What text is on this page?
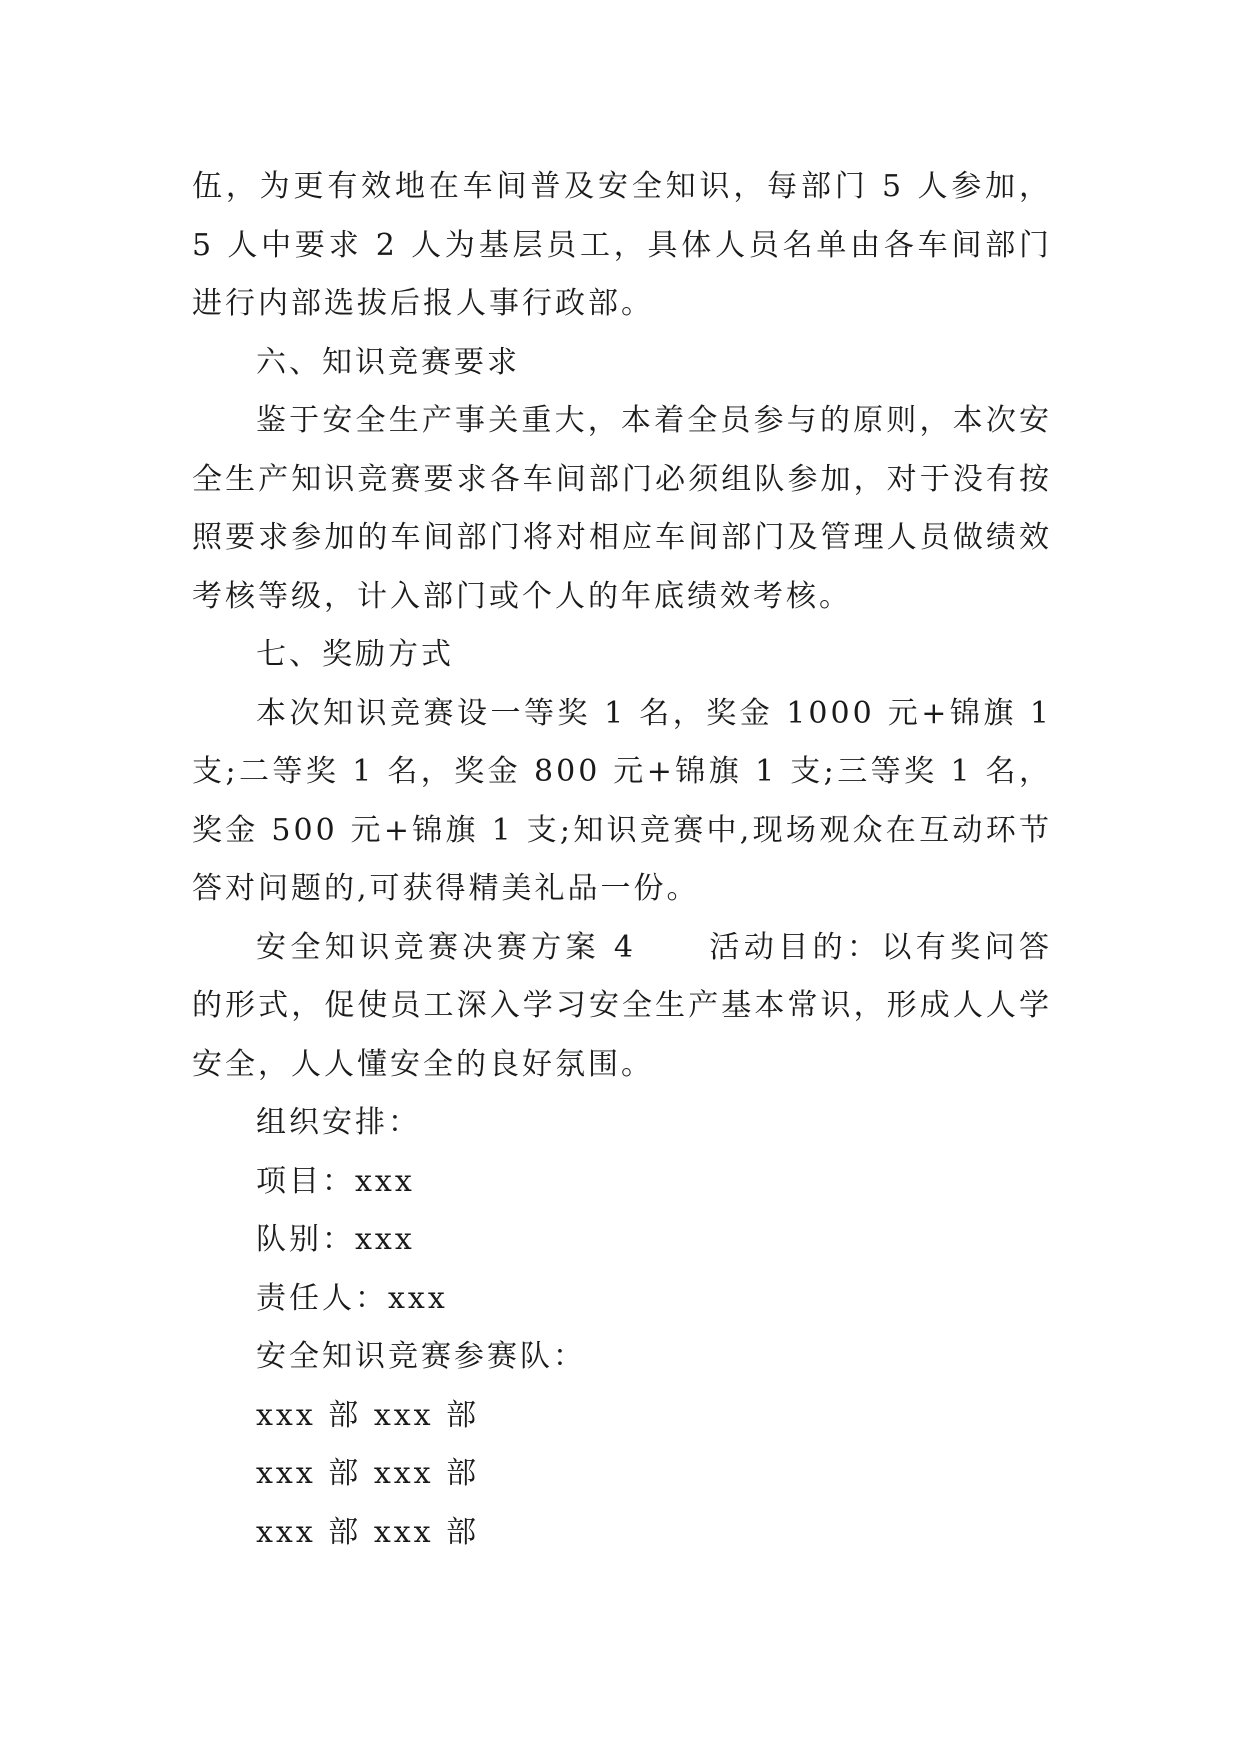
伍，为更有效地在车间普及安全知识，每部门 5 人参加，5 人中要求 2 人为基层员工，具体人员名单由各车间部门进行内部选拔后报人事行政部。

六、知识竞赛要求

鉴于安全生产事关重大，本着全员参与的原则，本次安全生产知识竞赛要求各车间部门必须组队参加，对于没有按照要求参加的车间部门将对相应车间部门及管理人员做绩效考核等级，计入部门或个人的年底绩效考核。

七、奖励方式

本次知识竞赛设一等奖 1 名，奖金 1000 元+锦旗 1 支;二等奖 1 名，奖金 800 元+锦旗 1 支;三等奖 1 名，奖金 500 元+锦旗 1 支;知识竞赛中,现场观众在互动环节答对问题的,可获得精美礼品一份。

安全知识竞赛决赛方案 4 活动目的：以有奖问答的形式，促使员工深入学习安全生产基本常识，形成人人学安全，人人懂安全的良好氛围。

组织安排：

项目：xxx

队别：xxx

责任人：xxx

安全知识竞赛参赛队：

xxx 部 xxx 部

xxx 部 xxx 部

xxx 部 xxx 部
